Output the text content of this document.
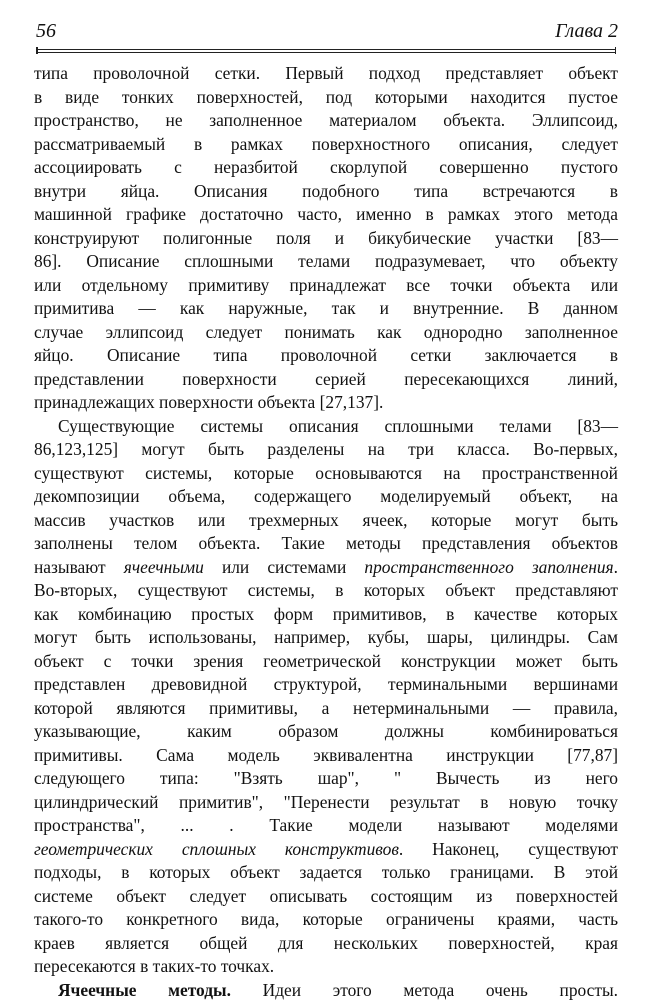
56	Глава 2
типа проволочной сетки. Первый подход представляет объект
в виде тонких поверхностей, под которыми находится пустое
пространство, не заполненное материалом объекта. Эллипсоид,
рассматриваемый в рамках поверхностного описания, следует
ассоциировать с неразбитой скорлупой совершенно пустого
внутри яйца. Описания подобного типа встречаются в
машинной графике достаточно часто, именно в рамках этого метода
конструируют полигонные поля и бикубические участки [83—
86]. Описание сплошными телами подразумевает, что объекту
или отдельному примитиву принадлежат все точки объекта или
примитива — как наружные, так и внутренние. В данном
случае эллипсоид следует понимать как однородно заполненное
яйцо. Описание типа проволочной сетки заключается в
представлении поверхности серией пересекающихся линий,
принадлежащих поверхности объекта [27,137].
Существующие системы описания сплошными телами [83—
86,123,125] могут быть разделены на три класса. Во-первых,
существуют системы, которые основываются на пространственной
декомпозиции объема, содержащего моделируемый объект, на
массив участков или трехмерных ячеек, которые могут быть
заполнены телом объекта. Такие методы представления объектов
называют ячеечными или системами пространственного заполнения.
Во-вторых, существуют системы, в которых объект представляют
как комбинацию простых форм примитивов, в качестве которых
могут быть использованы, например, кубы, шары, цилиндры. Сам
объект с точки зрения геометрической конструкции может быть
представлен древовидной структурой, терминальными вершинами
которой являются примитивы, а нетерминальными — правила,
указывающие, каким образом должны комбинироваться
примитивы. Сама модель эквивалентна инструкции [77,87]
следующего типа: "Взять шар", " Вычесть из него
цилиндрический примитив", "Перенести результат в новую точку
пространства", ... . Такие модели называют моделями
геометрических сплошных конструктивов. Наконец, существуют
подходы, в которых объект задается только границами. В этой
системе объект следует описывать состоящим из поверхностей
такого-то конкретного вида, которые ограничены краями, часть
краев является общей для нескольких поверхностей, края
пересекаются в таких-то точках.
Ячеечные методы. Идеи этого метода очень просты.
